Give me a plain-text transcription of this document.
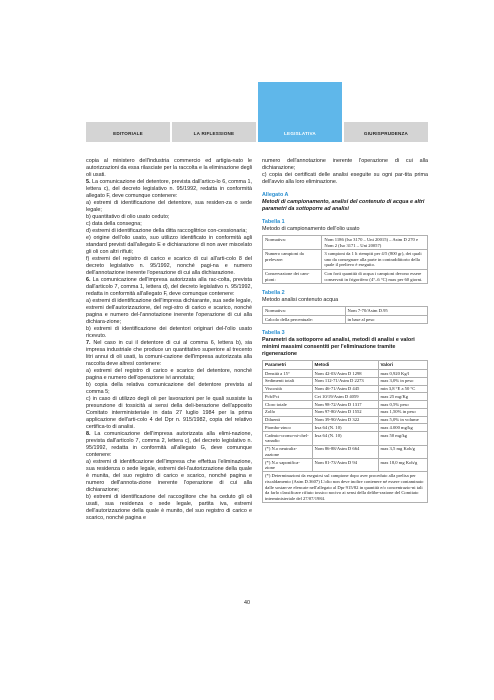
EDITORIALE	LA RIFLESSIONE	LEGISLATIVA	GIURISPRUDENZA

copia al ministero dell'industria commercio ed artigia-nato le autorizzazioni da essa rilasciate per la raccolta e la eliminazione degli oli usati.

5. La comunicazione del detentore, prevista dall'artico-lo 6, comma 1, lettera c), del decreto legislativo n. 95/1992, redatta in conformità allegato F, deve comunque contenere:

a) estremi di identificazione del detentore, sua residen-za o sede legale;

b) quantitativo di olio usato ceduto;

c) data della consegna;

d) estremi di identificazione della ditta raccoglitrice con-cessionaria;

e) origine dell'olio usato, suo utilizzo identificato in conformità agli standard previsti dall'allegato E e dichiarazione di non aver miscelato gli oli con altri rifiuti;

f) estremi del registro di carico e scarico di cui all'arti-colo 8 del decreto legislativo n. 95/1992, nonché pagi-na e numero dell'annotazione inerente l'operazione di cui alla dichiarazione.

6. La comunicazione dell'impresa autorizzata alla rac-colta, prevista dall'articolo 7, comma 1, lettera d), del decreto legislativo n. 95/1992, redatta in conformità all'allegato F, deve comunque contenere:

a) estremi di identificazione dell'impresa dichiarante, sua sede legale, estremi dell'autorizzazione, del regi-stro di carico e scarico, nonché pagina e numero del-l'annotazione inerente l'operazione di cui alla dichiara-zione;

b) estremi di identificazione dei detentori originari del-l'olio usato ricevuto.

7. Nel caso in cui il detentore di cui al comma 6, lettera b), sia impresa industriale che produce un quantitativo superiore al trecento litri annui di oli usati, la comuni-cazione dell'impresa autorizzata alla raccolta deve altresì contenere:

a) estremi del registro di carico e scarico del detentore, nonché pagina e numero dell'operazione ivi annotata;

b) copia della relativa comunicazione del detentore prevista al comma 5;

c) in caso di utilizzo degli oli per lavorazioni per le quali sussiste la presunzione di tossicità ai sensi della deli-berazione dell'apposito Comitato interministeriale in data 27 luglio 1984 per la prima applicazione dell'arti-colo 4 del Dpr n. 915/1982, copia del relativo certifica-to di analisi.

8. La comunicazione dell'impresa autorizzata alla elimi-nazione, prevista dall'articolo 7, comma 2, lettera c), del decreto legislativo n. 95/1992, redatta in conformità all'allegato G, deve comunque contenere:

a) estremi di identificazione dell'impresa che effettua l'eliminazione, sua residenza o sede legale, estremi del-l'autorizzazione della quale è munita, del suo registro di carico e scarico, nonché pagina e numero dell'annota-zione inerente l'operazione di cui alla dichiarazione;

b) estremi di identificazione del raccoglitore che ha ceduto gli oli usati, sua residenza o sede legale, partita iva, estremi dell'autorizzazione della quale è munito, del suo registro di carico e scarico, nonché pagina e

numero dell'annotazione inerente l'operazione di cui alla dichiarazione;

c) copia dei certificati delle analisi eseguite su ogni par-tita prima dell'avvio alla loro eliminazione.

Allegato A
Metodi di campionamento, analisi del contenuto di acqua e altri parametri da sottoporre ad analisi
Tabella 1
Metodo di campionamento dell'olio usato
Normativa:	Nom 1186 (Iso 3170 – Uni 20015) – Astm D 270 e Nom 2 (Iso 3171 – Uni 20057)
Numero campioni da prelevare:	3 campioni da 1 lt riempiti per 4/5 (800 gr), dei quali uno da consegnare alla parte in contraddittorio della quale il prelievo è eseguito.
Conservazione dei cam-pioni:	Con forti quantità di acqua i campioni devono essere conservati in frigorifero (4°–6 °C) max per 60 giorni.
Tabella 2
Metodo analisi contenuto acqua
Normativa:	Nom 7-70/Astm D.95
Calcolo della percentuale:	in base al peso
Tabella 3
Parametri da sottoporre ad analisi, metodi di analisi e valori minimi massimi consentiti per l'eliminazione tramite rigenerazione
Parametri	Metodi	Valori
Densità a 15°	Nom 42-03/Astm D 1298	max 0,920 Kg/l
Sedimenti totali	Nom 112-71/Astm D 2273	max 3,0% in peso
Viscosità	Nom 46-71/Astm D 445	min 3,8 °E a 50 °C
Pcb/Pct	Cei 10/19/Astm D 4059	max 25 mg/Kg
Cloro totale	Nom 98-72/Astm D 1317	max 0,5% peso
Zolfo	Nom 97-80/Astm D 1552	max 1,50% in peso
Diluenti	Nom 39-90/Astm D 322	max 5,0% in volume
Piombo-zinco	Irsa 64 (N. 10)	max 4.000 mg/kg
Cadmio-cromo-ni-chel-vanadio	Irsa 64 (N. 10)	max 50 mg/kg
(*) N.o neutraliz-zazione	Nom 86-88/Astm D 664	max 3,5 mg Koh/g
(*) N.o saponifica-zione	Nom 81-73/Astm D 94	max 18,0 mg Koh/g
(*) Determinazioni da eseguirsi sul campione dopo aver proceduto alla prelisa per riscaldamento (Astm D.3607) L'olio non deve inoltre contenere né essere contaminato dalle sostan-ze elencate nell'allegato al Dpr 915/82 in quantità e/o concentrazio-ni tali da farlo classificare rifiuto tossico nocivo ai sensi della delibe-razione del Comitato interministeriale del 27/07/1984.
40
